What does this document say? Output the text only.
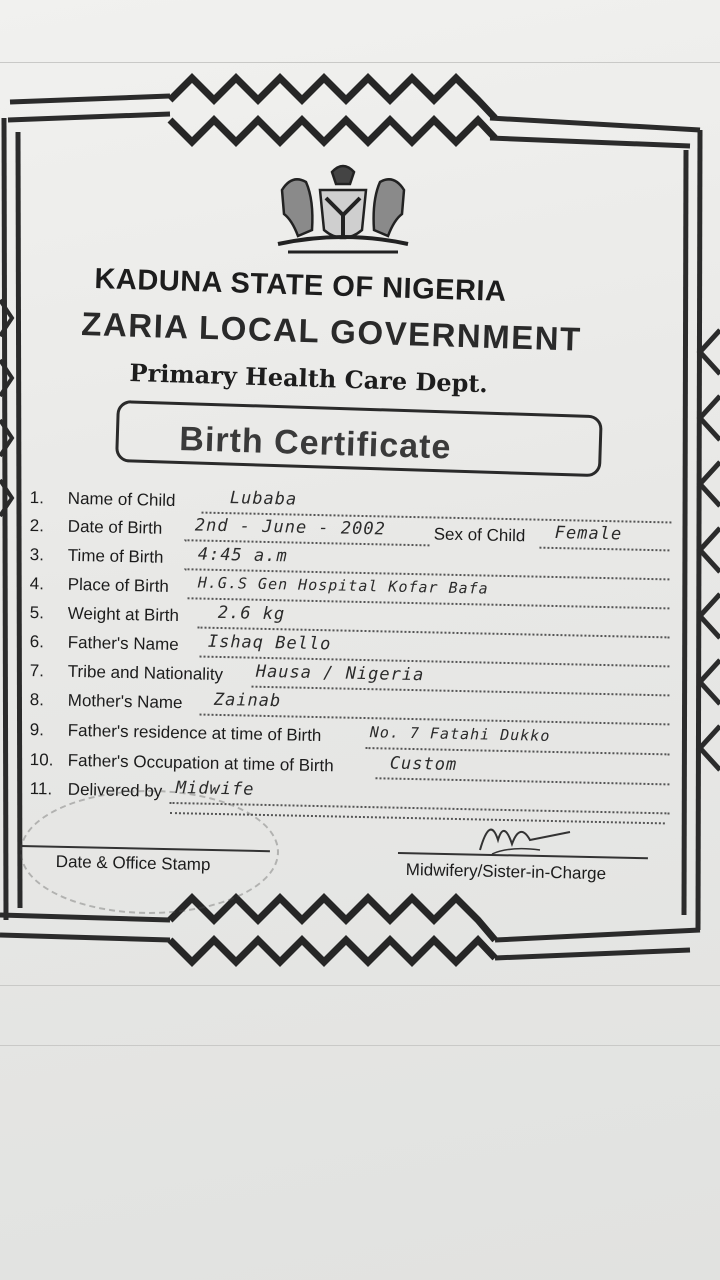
KADUNA STATE OF NIGERIA
ZARIA LOCAL GOVERNMENT
Primary Health Care Dept.
Birth Certificate
1.	Name of Child	Lubaba
2.	Date of Birth 2nd - June - 2002	Sex of Child Female
3.	Time of Birth 4:45 a.m
4.	Place of Birth H.G.S Gen Hospital Kofar Bafa
5.	Weight at Birth 2.6 kg
6.	Father's Name Ishaq Bello
7.	Tribe and Nationality Hausa / Nigeria
8.	Mother's Name Zainab
9.	Father's residence at time of Birth	No. 7 Fatahi Dukko
10. Father's Occupation at time of Birth	Custom
11. Delivered by Midwife
Date & Office Stamp	Midwifery/Sister-in-Charge
